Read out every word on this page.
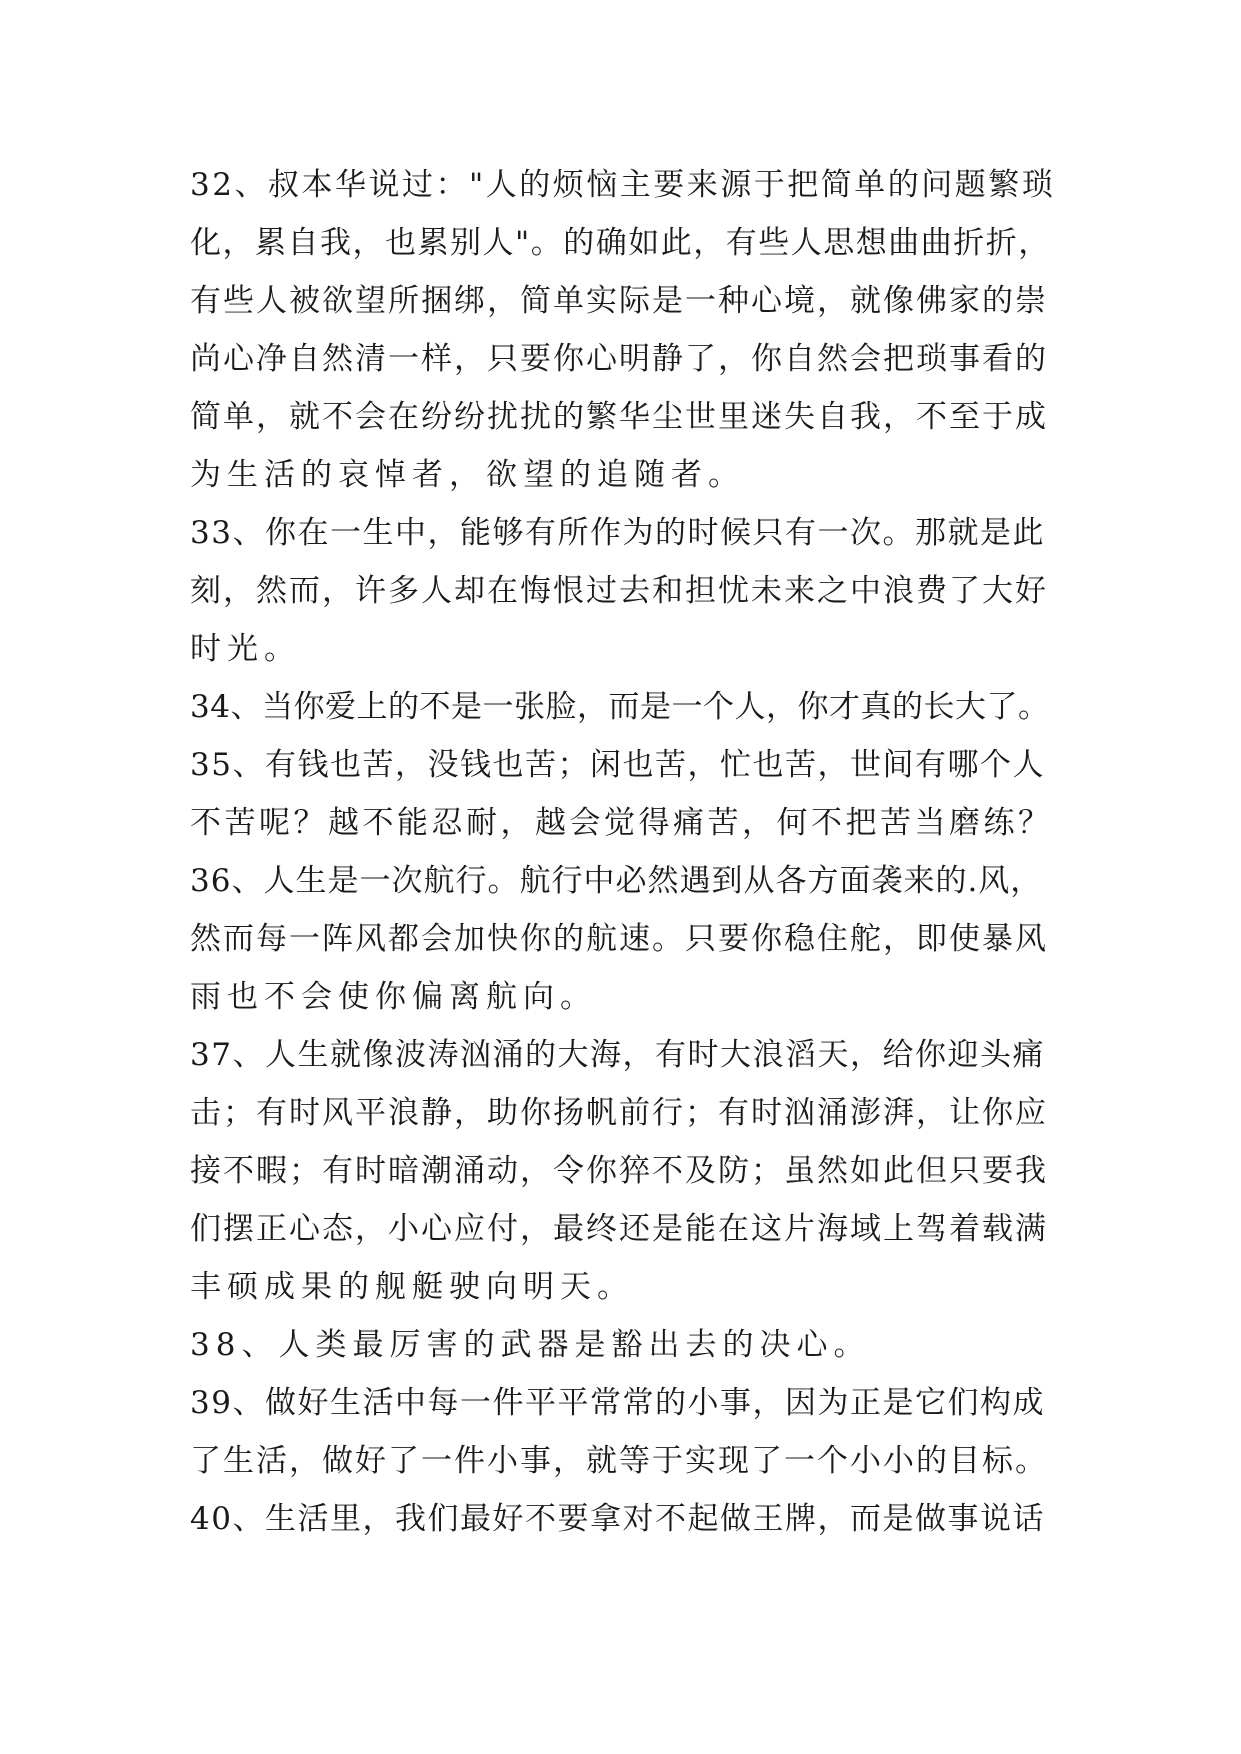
32、叔本华说过："人的烦恼主要来源于把简单的问题繁琐
化，累自我，也累别人"。的确如此，有些人思想曲曲折折，
有些人被欲望所捆绑，简单实际是一种心境，就像佛家的崇
尚心净自然清一样，只要你心明静了，你自然会把琐事看的
简单，就不会在纷纷扰扰的繁华尘世里迷失自我，不至于成
为生活的哀悼者，欲望的追随者。
33、你在一生中，能够有所作为的时候只有一次。那就是此
刻，然而，许多人却在悔恨过去和担忧未来之中浪费了大好
时光。
34、当你爱上的不是一张脸，而是一个人，你才真的长大了。
35、有钱也苦，没钱也苦；闲也苦，忙也苦，世间有哪个人
不苦呢？越不能忍耐，越会觉得痛苦，何不把苦当磨练？
36、人生是一次航行。航行中必然遇到从各方面袭来的.风，
然而每一阵风都会加快你的航速。只要你稳住舵，即使暴风
雨也不会使你偏离航向。
37、人生就像波涛汹涌的大海，有时大浪滔天，给你迎头痛
击；有时风平浪静，助你扬帆前行；有时汹涌澎湃，让你应
接不暇；有时暗潮涌动，令你猝不及防；虽然如此但只要我
们摆正心态，小心应付，最终还是能在这片海域上驾着载满
丰硕成果的舰艇驶向明天。
38、人类最厉害的武器是豁出去的决心。
39、做好生活中每一件平平常常的小事，因为正是它们构成
了生活，做好了一件小事，就等于实现了一个小小的目标。
40、生活里，我们最好不要拿对不起做王牌，而是做事说话
